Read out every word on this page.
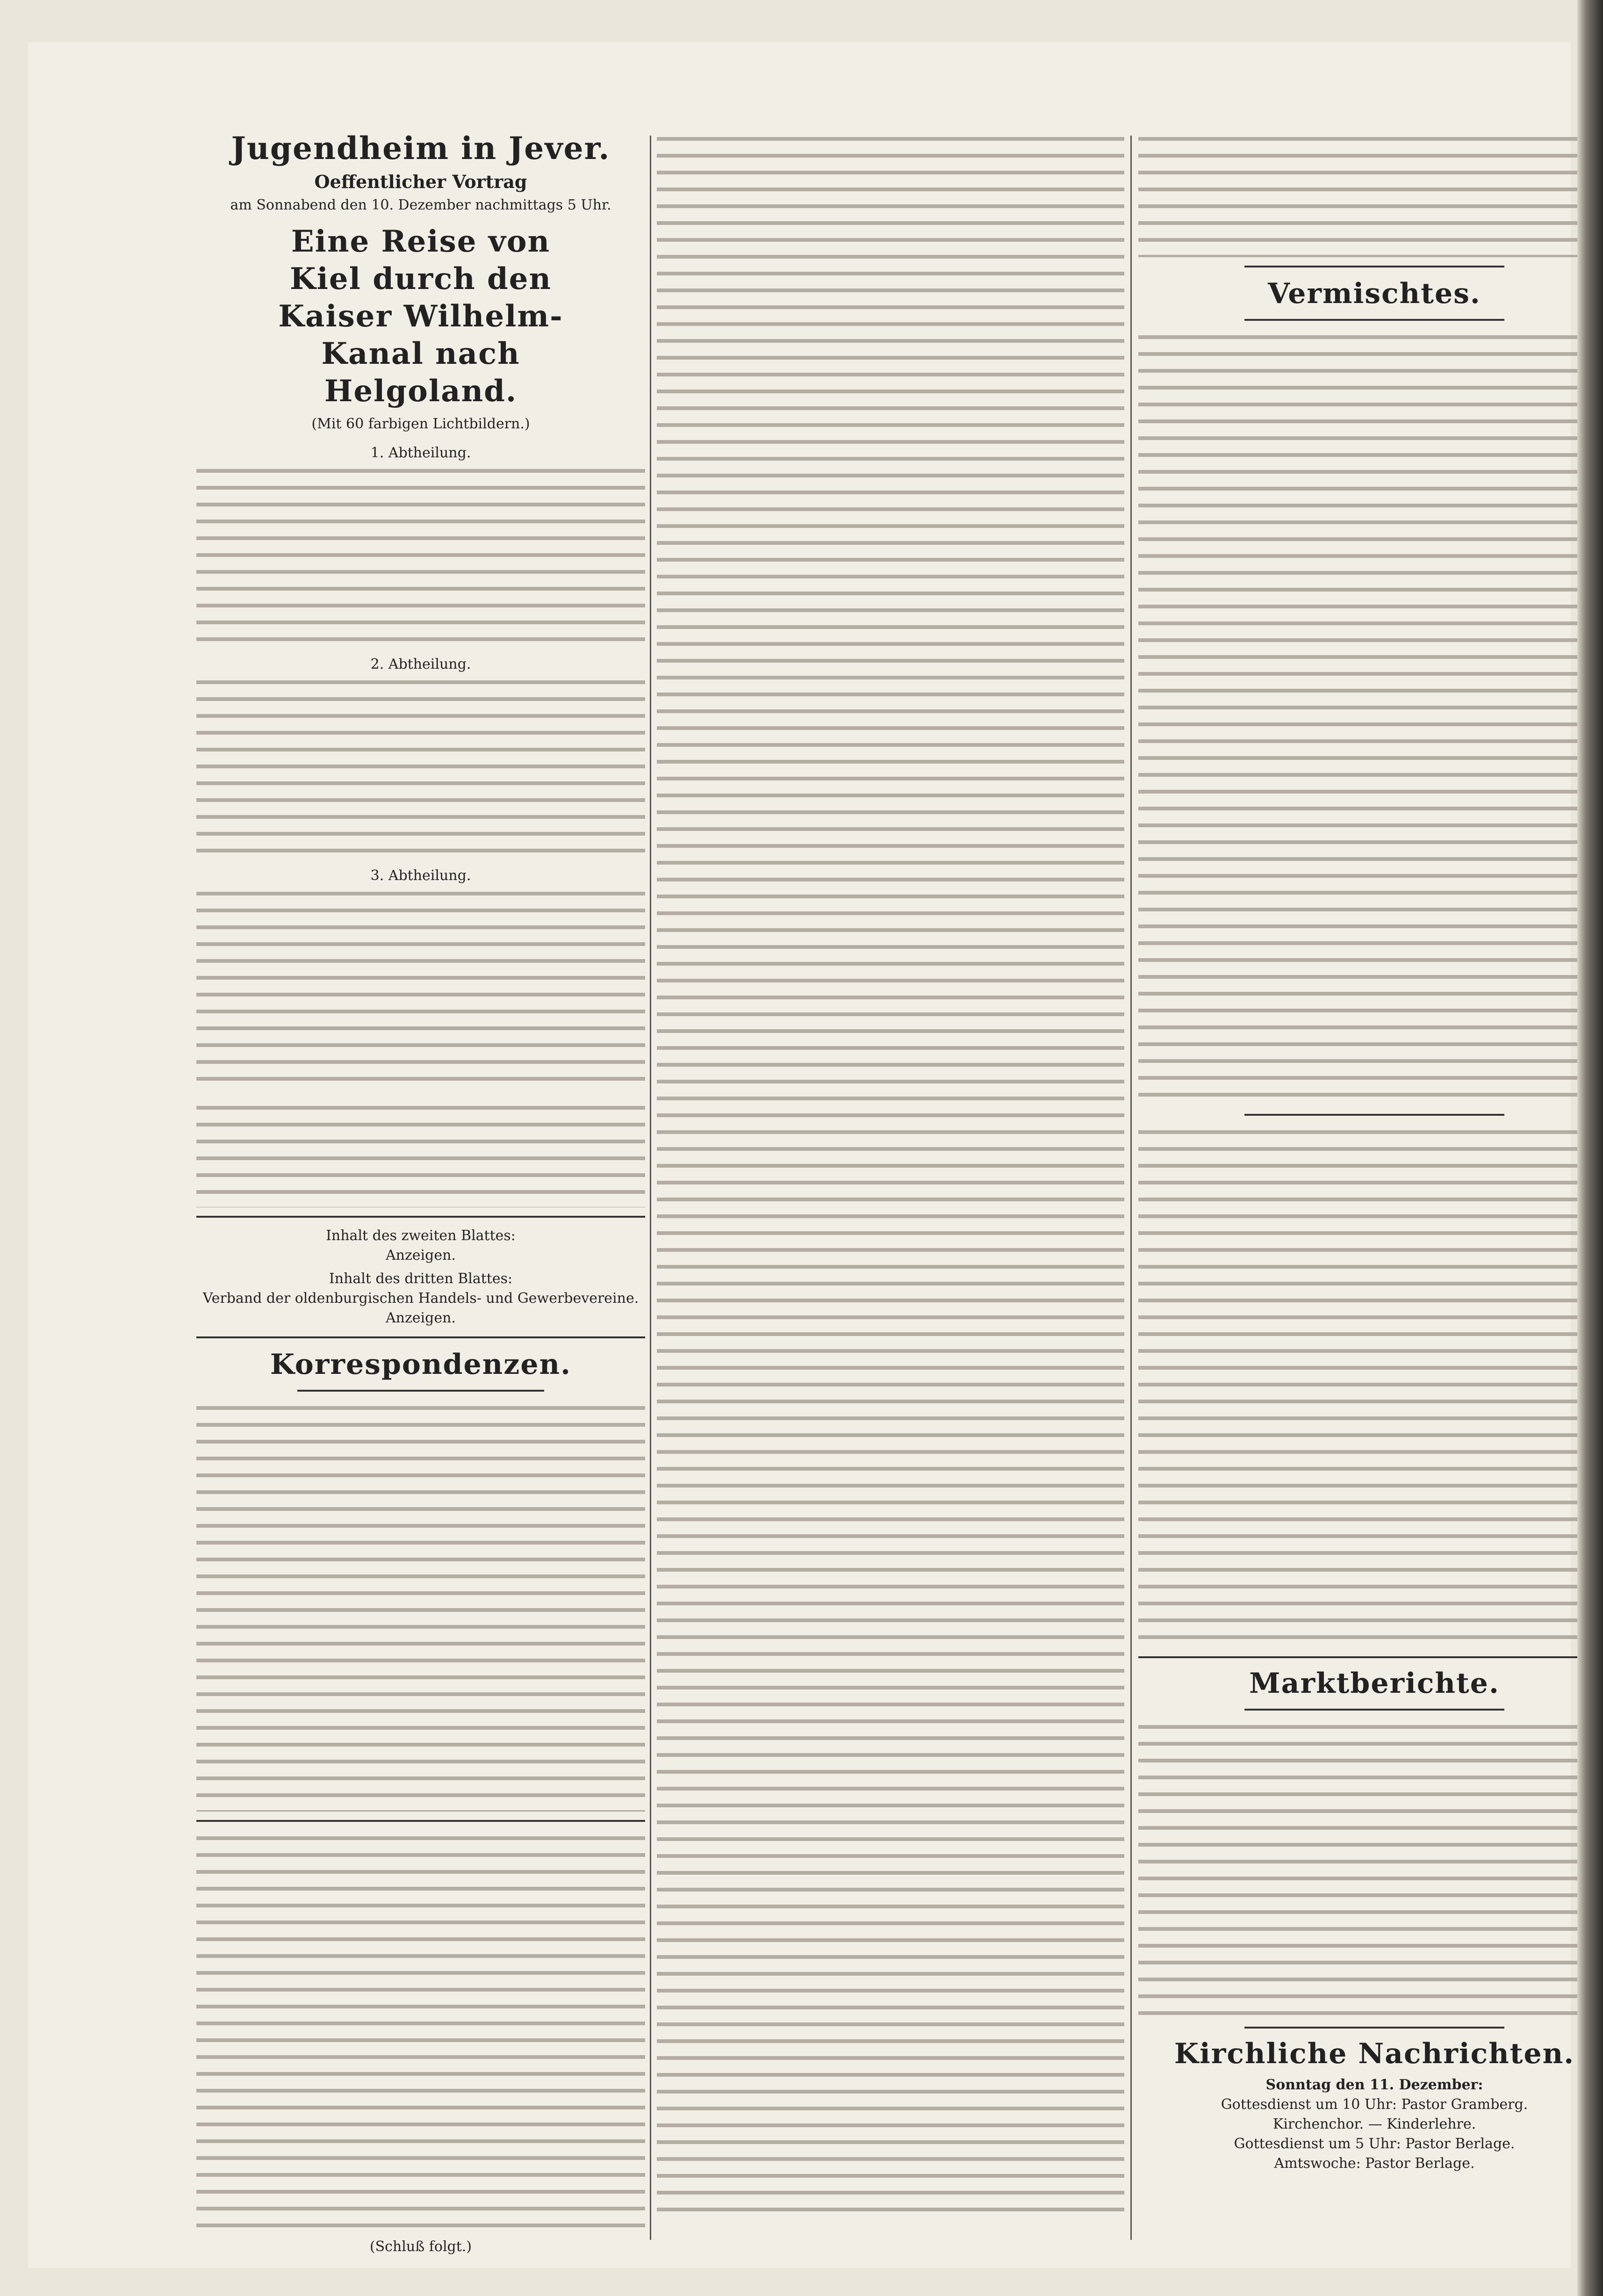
Jugendheim in Jever.
Oeffentlicher Vortrag
am Sonnabend den 10. Dezember nachmittags 5 Uhr.
Eine Reise von Kiel durch den Kaiser Wilhelm-Kanal nach Helgoland.
(Mit 60 farbigen Lichtbildern.)
1. Abtheilung.
2. Abtheilung.
3. Abtheilung.
Inhalt des zweiten Blattes:
Anzeigen.
Inhalt des dritten Blattes:
Verband der oldenburgischen Handels- und Gewerbevereine.
Anzeigen.
Korrespondenzen.
(Schluß folgt.)
Vermischtes.
Marktberichte.
Kirchliche Nachrichten.
Sonntag den 11. Dezember:
Gottesdienst um 10 Uhr: Pastor Gramberg.
Kirchenchor. — Kinderlehre.
Gottesdienst um 5 Uhr: Pastor Berlage.
Amtswoche: Pastor Berlage.
